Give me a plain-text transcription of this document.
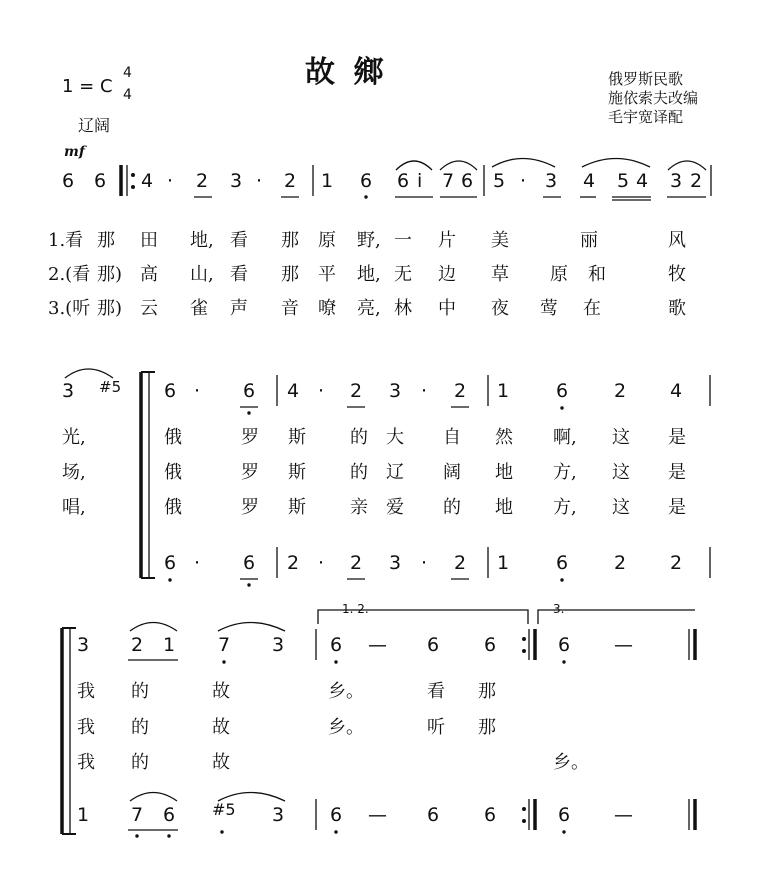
1 = C
4
4
故 鄉	俄罗斯民歌
施依索夫改编
毛宇宽译配
辽阔
mf
6 6 4 · 2 3 · 2 1 6 6 i 7 6 5 · 3 4 5 4 3 2
1.看 那 田 地, 看 那 原 野, 一 片 美	丽	风
2.(看 那) 高 山, 看 那 平 地, 无 边 草 原 和	牧
3.(听 那) 云 雀 声 音 嘹 亮, 林 中 夜 莺 在	歌
3 #5 6 · 6 4 · 2 3 · 2 1 6 2 4
光,	俄	罗 斯 的 大 自 然 啊, 这 是
场,	俄	罗 斯 的 辽 阔 地 方, 这 是
唱,	俄	罗 斯 亲 爱 的 地 方, 这 是
6 · 6 2 · 2 3 · 2 1 6 2 2
1. 2.	3.
3 2 1 7 3 6 — 6 6	6 —
我 的	故	乡。	看 那
我 的	故	乡。	听 那
我 的	故	乡。
1 7 6 #5 3 6 — 6 6	6 —
